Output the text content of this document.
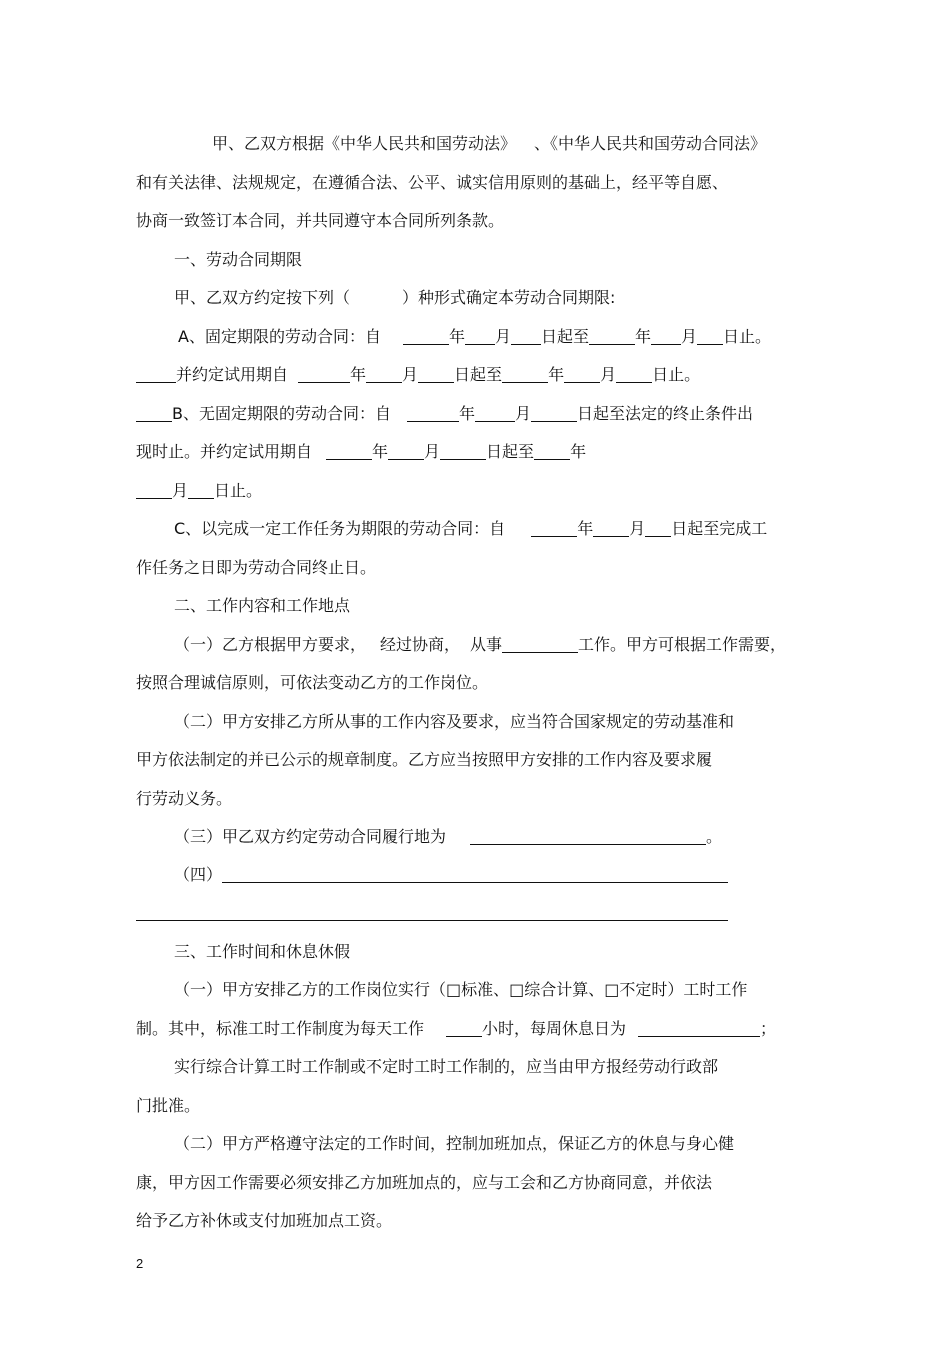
甲、乙双方根据《中华人民共和国劳动法》 、《中华人民共和国劳动合同法》
和有关法律、法规规定，在遵循合法、公平、诚实信用原则的基础上，经平等自愿、
协商一致签订本合同，并共同遵守本合同所列条款。
一、劳动合同期限
甲、乙双方约定按下列（	）种形式确定本劳动合同期限:
A、固定期限的劳动合同：自	年 月 日起至	年 月 日止。
并约定试用期自	年 月 日起至	年 月 日止。
B、无固定期限的劳动合同：自	年	月	日起至法定的终止条件出
现时止。并约定试用期自	年 月	日起至 年
月 日止。
C、以完成一定工作任务为期限的劳动合同：自	年 月 日起至完成工
作任务之日即为劳动合同终止日。
二、工作内容和工作地点
（一）乙方根据甲方要求， 经过协商， 从事	工作。甲方可根据工作需要，
按照合理诚信原则，可依法变动乙方的工作岗位。
（二）甲方安排乙方所从事的工作内容及要求，应当符合国家规定的劳动基准和
甲方依法制定的并已公示的规章制度。乙方应当按照甲方安排的工作内容及要求履
行劳动义务。
（三）甲乙双方约定劳动合同履行地为	。
（四）
三、工作时间和休息休假
（一）甲方安排乙方的工作岗位实行（□标准、□综合计算、□不定时）工时工作
制。其中，标准工时工作制度为每天工作	小时，每周休息日为	；
实行综合计算工时工作制或不定时工时工作制的，应当由甲方报经劳动行政部
门批准。
（二）甲方严格遵守法定的工作时间，控制加班加点，保证乙方的休息与身心健
康，甲方因工作需要必须安排乙方加班加点的，应与工会和乙方协商同意，并依法
给予乙方补休或支付加班加点工资。
2
